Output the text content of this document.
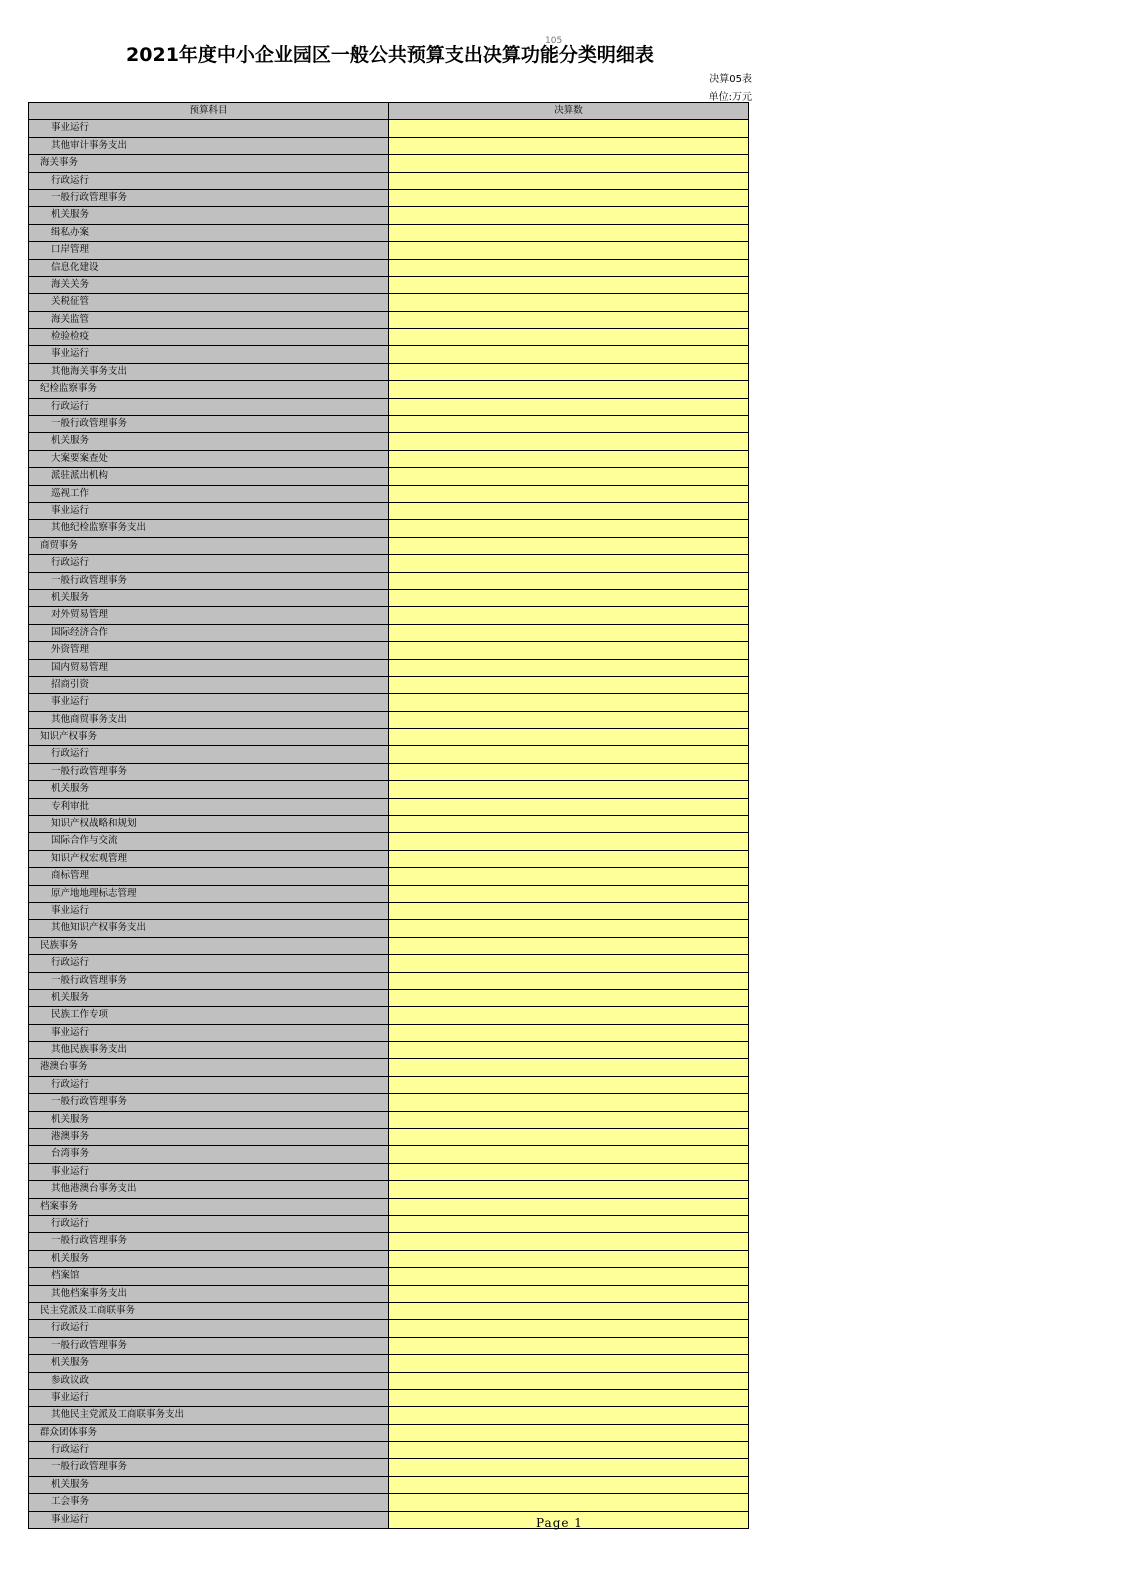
2021年度中小企业园区一般公共预算支出决算功能分类明细表
105
决算05表
单位:万元
预算科目	决算数
事业运行
其他审计事务支出
海关事务
行政运行
一般行政管理事务
机关服务
缉私办案
口岸管理
信息化建设
海关关务
关税征管
海关监管
检验检疫
事业运行
其他海关事务支出
纪检监察事务
行政运行
一般行政管理事务
机关服务
大案要案查处
派驻派出机构
巡视工作
事业运行
其他纪检监察事务支出
商贸事务
行政运行
一般行政管理事务
机关服务
对外贸易管理
国际经济合作
外资管理
国内贸易管理
招商引资
事业运行
其他商贸事务支出
知识产权事务
行政运行
一般行政管理事务
机关服务
专利审批
知识产权战略和规划
国际合作与交流
知识产权宏观管理
商标管理
原产地地理标志管理
事业运行
其他知识产权事务支出
民族事务
行政运行
一般行政管理事务
机关服务
民族工作专项
事业运行
其他民族事务支出
港澳台事务
行政运行
一般行政管理事务
机关服务
港澳事务
台湾事务
事业运行
其他港澳台事务支出
档案事务
行政运行
一般行政管理事务
机关服务
档案馆
其他档案事务支出
民主党派及工商联事务
行政运行
一般行政管理事务
机关服务
参政议政
事业运行
其他民主党派及工商联事务支出
群众团体事务
行政运行
一般行政管理事务
机关服务
工会事务
事业运行	Page 1
